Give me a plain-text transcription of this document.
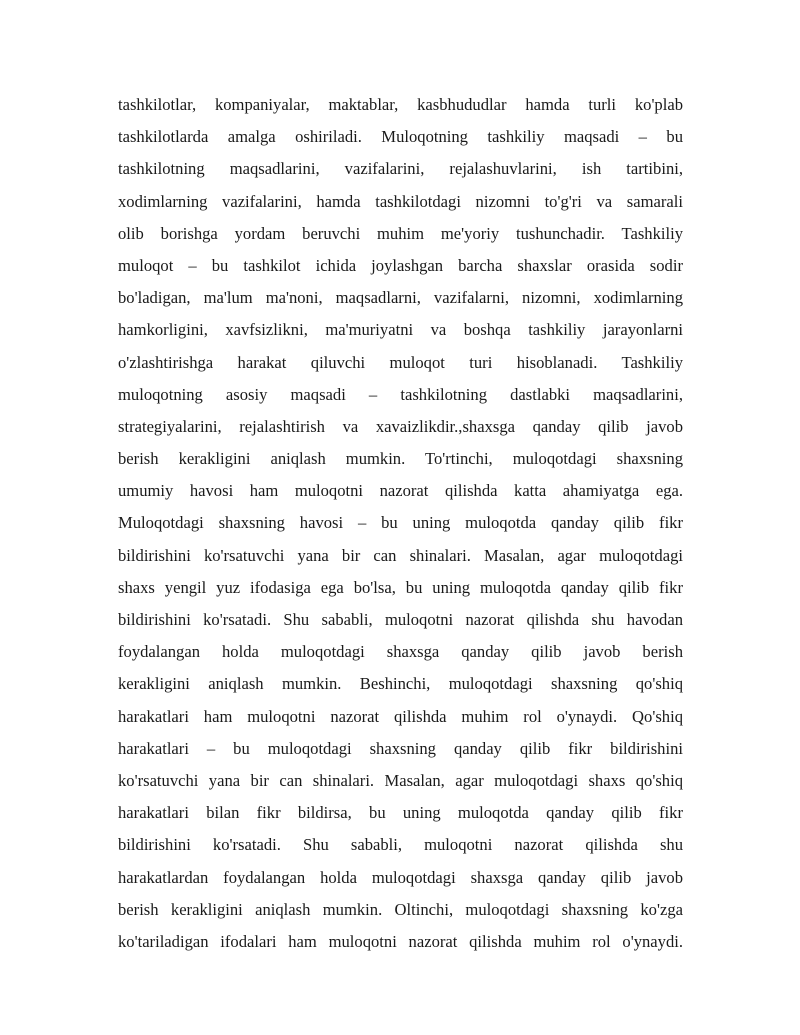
tashkilotlar, kompaniyalar, maktablar, kasbhududlar hamda turli ko'plab
tashkilotlarda amalga oshiriladi. Muloqotning tashkiliy maqsadi – bu
tashkilotning maqsadlarini, vazifalarini, rejalashuvlarini, ish tartibini,
xodimlarning vazifalarini, hamda tashkilotdagi nizomni to'g'ri va samarali
olib borishga yordam beruvchi muhim me'yoriy tushunchadir. Tashkiliy
muloqot – bu tashkilot ichida joylashgan barcha shaxslar orasida sodir
bo'ladigan, ma'lum ma'noni, maqsadlarni, vazifalarni, nizomni, xodimlarning
hamkorligini, xavfsizlikni, ma'muriyatni va boshqa tashkiliy jarayonlarni
o'zlashtirishga harakat qiluvchi muloqot turi hisoblanadi. Tashkiliy
muloqotning asosiy maqsadi – tashkilotning dastlabki maqsadlarini,
strategiyalarini, rejalashtirish va xavaizlikdir.,shaxsga qanday qilib javob
berish kerakligini aniqlash mumkin. To'rtinchi, muloqotdagi shaxsning
umumiy havosi ham muloqotni nazorat qilishda katta ahamiyatga ega.
Muloqotdagi shaxsning havosi – bu uning muloqotda qanday qilib fikr
bildirishini ko'rsatuvchi yana bir can shinalari. Masalan, agar muloqotdagi
shaxs yengil yuz ifodasiga ega bo'lsa, bu uning muloqotda qanday qilib fikr
bildirishini ko'rsatadi. Shu sababli, muloqotni nazorat qilishda shu havodan
foydalangan holda muloqotdagi shaxsga qanday qilib javob berish
kerakligini aniqlash mumkin. Beshinchi, muloqotdagi shaxsning qo'shiq
harakatlari ham muloqotni nazorat qilishda muhim rol o'ynaydi. Qo'shiq
harakatlari – bu muloqotdagi shaxsning qanday qilib fikr bildirishini
ko'rsatuvchi yana bir can shinalari. Masalan, agar muloqotdagi shaxs qo'shiq
harakatlari bilan fikr bildirsa, bu uning muloqotda qanday qilib fikr
bildirishini ko'rsatadi. Shu sababli, muloqotni nazorat qilishda shu
harakatlardan foydalangan holda muloqotdagi shaxsga qanday qilib javob
berish kerakligini aniqlash mumkin. Oltinchi, muloqotdagi shaxsning ko'zga
ko'tariladigan ifodalari ham muloqotni nazorat qilishda muhim rol o'ynaydi.
